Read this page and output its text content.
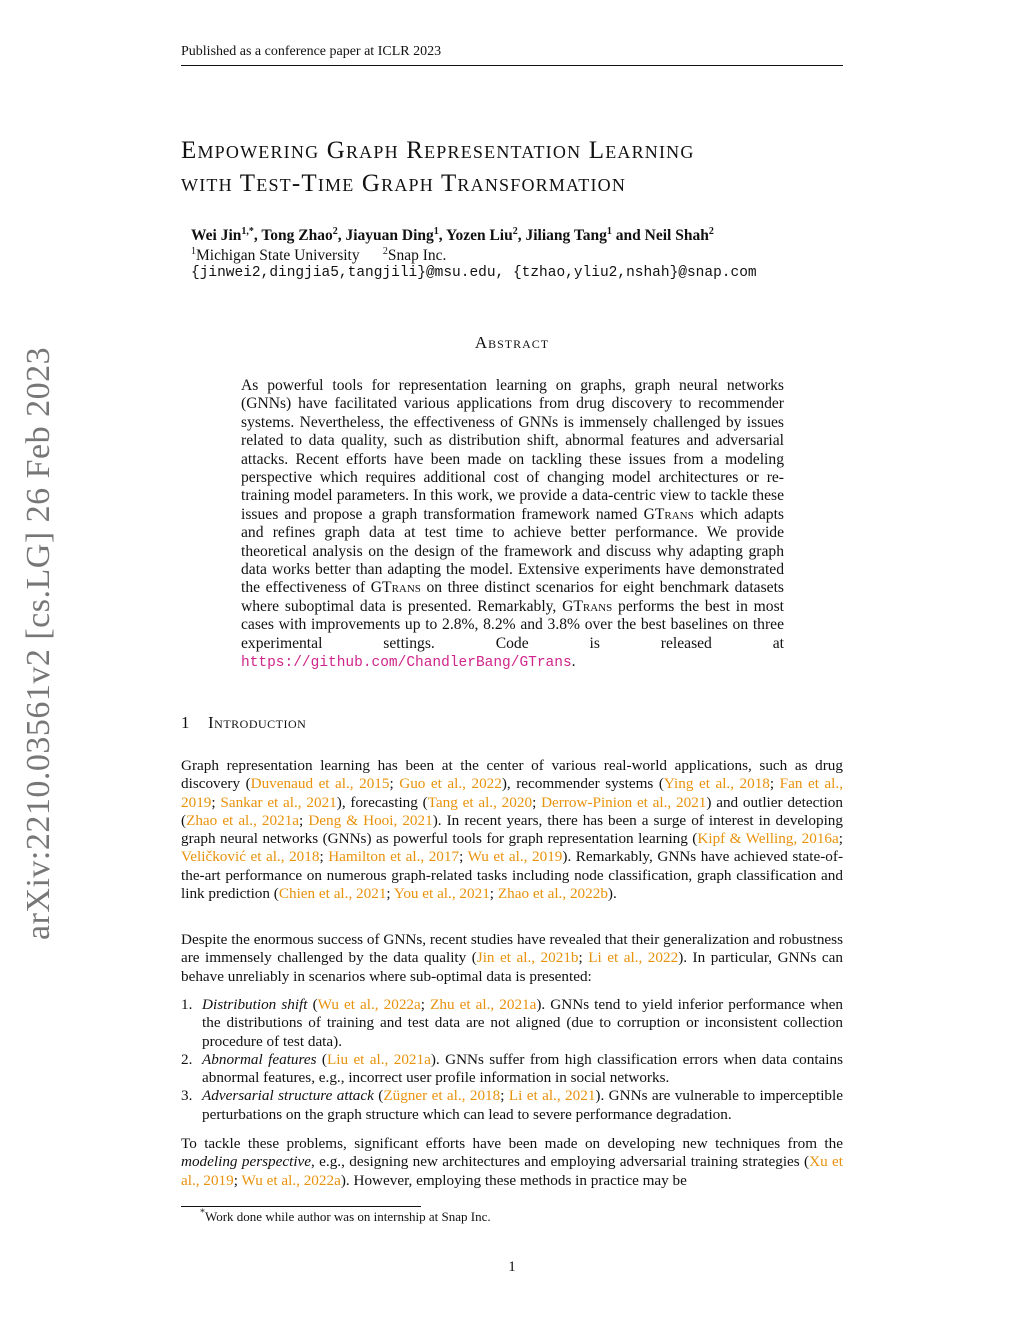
arXiv:2210.03561v2 [cs.LG] 26 Feb 2023
Published as a conference paper at ICLR 2023
Empowering Graph Representation Learning
with Test-Time Graph Transformation
Wei Jin$^{1,*}$, Tong Zhao$^2$, Jiayuan Ding$^1$, Yozen Liu$^2$, Jiliang Tang$^1$ and Neil Shah$^2$
$^1$Michigan State University $^2$Snap Inc.
{jinwei2,dingjia5,tangjili}@msu.edu, {tzhao,yliu2,nshah}@snap.com
Abstract
As powerful tools for representation learning on graphs, graph neural networks (GNNs) have facilitated various applications from drug discovery to recommender systems. Nevertheless, the effectiveness of GNNs is immensely challenged by issues related to data quality, such as distribution shift, abnormal features and adversarial attacks. Recent efforts have been made on tackling these issues from a modeling perspective which requires additional cost of changing model architectures or re-training model parameters. In this work, we provide a data-centric view to tackle these issues and propose a graph transformation framework named GTrans which adapts and refines graph data at test time to achieve better performance. We provide theoretical analysis on the design of the framework and discuss why adapting graph data works better than adapting the model. Extensive experiments have demonstrated the effectiveness of GTrans on three distinct scenarios for eight benchmark datasets where suboptimal data is presented. Remarkably, GTrans performs the best in most cases with improvements up to 2.8%, 8.2% and 3.8% over the best baselines on three experimental settings. Code is released at https://github.com/ChandlerBang/GTrans.
1 Introduction
Graph representation learning has been at the center of various real-world applications, such as drug discovery (Duvenaud et al., 2015; Guo et al., 2022), recommender systems (Ying et al., 2018; Fan et al., 2019; Sankar et al., 2021), forecasting (Tang et al., 2020; Derrow-Pinion et al., 2021) and outlier detection (Zhao et al., 2021a; Deng & Hooi, 2021). In recent years, there has been a surge of interest in developing graph neural networks (GNNs) as powerful tools for graph representation learning (Kipf & Welling, 2016a; Veličković et al., 2018; Hamilton et al., 2017; Wu et al., 2019). Remarkably, GNNs have achieved state-of-the-art performance on numerous graph-related tasks including node classification, graph classification and link prediction (Chien et al., 2021; You et al., 2021; Zhao et al., 2022b).
Despite the enormous success of GNNs, recent studies have revealed that their generalization and robustness are immensely challenged by the data quality (Jin et al., 2021b; Li et al., 2022). In particular, GNNs can behave unreliably in scenarios where sub-optimal data is presented:
1. Distribution shift (Wu et al., 2022a; Zhu et al., 2021a). GNNs tend to yield inferior performance when the distributions of training and test data are not aligned (due to corruption or inconsistent collection procedure of test data).
2. Abnormal features (Liu et al., 2021a). GNNs suffer from high classification errors when data contains abnormal features, e.g., incorrect user profile information in social networks.
3. Adversarial structure attack (Zügner et al., 2018; Li et al., 2021). GNNs are vulnerable to imperceptible perturbations on the graph structure which can lead to severe performance degradation.
To tackle these problems, significant efforts have been made on developing new techniques from the modeling perspective, e.g., designing new architectures and employing adversarial training strategies (Xu et al., 2019; Wu et al., 2022a). However, employing these methods in practice may be
*Work done while author was on internship at Snap Inc.
1
